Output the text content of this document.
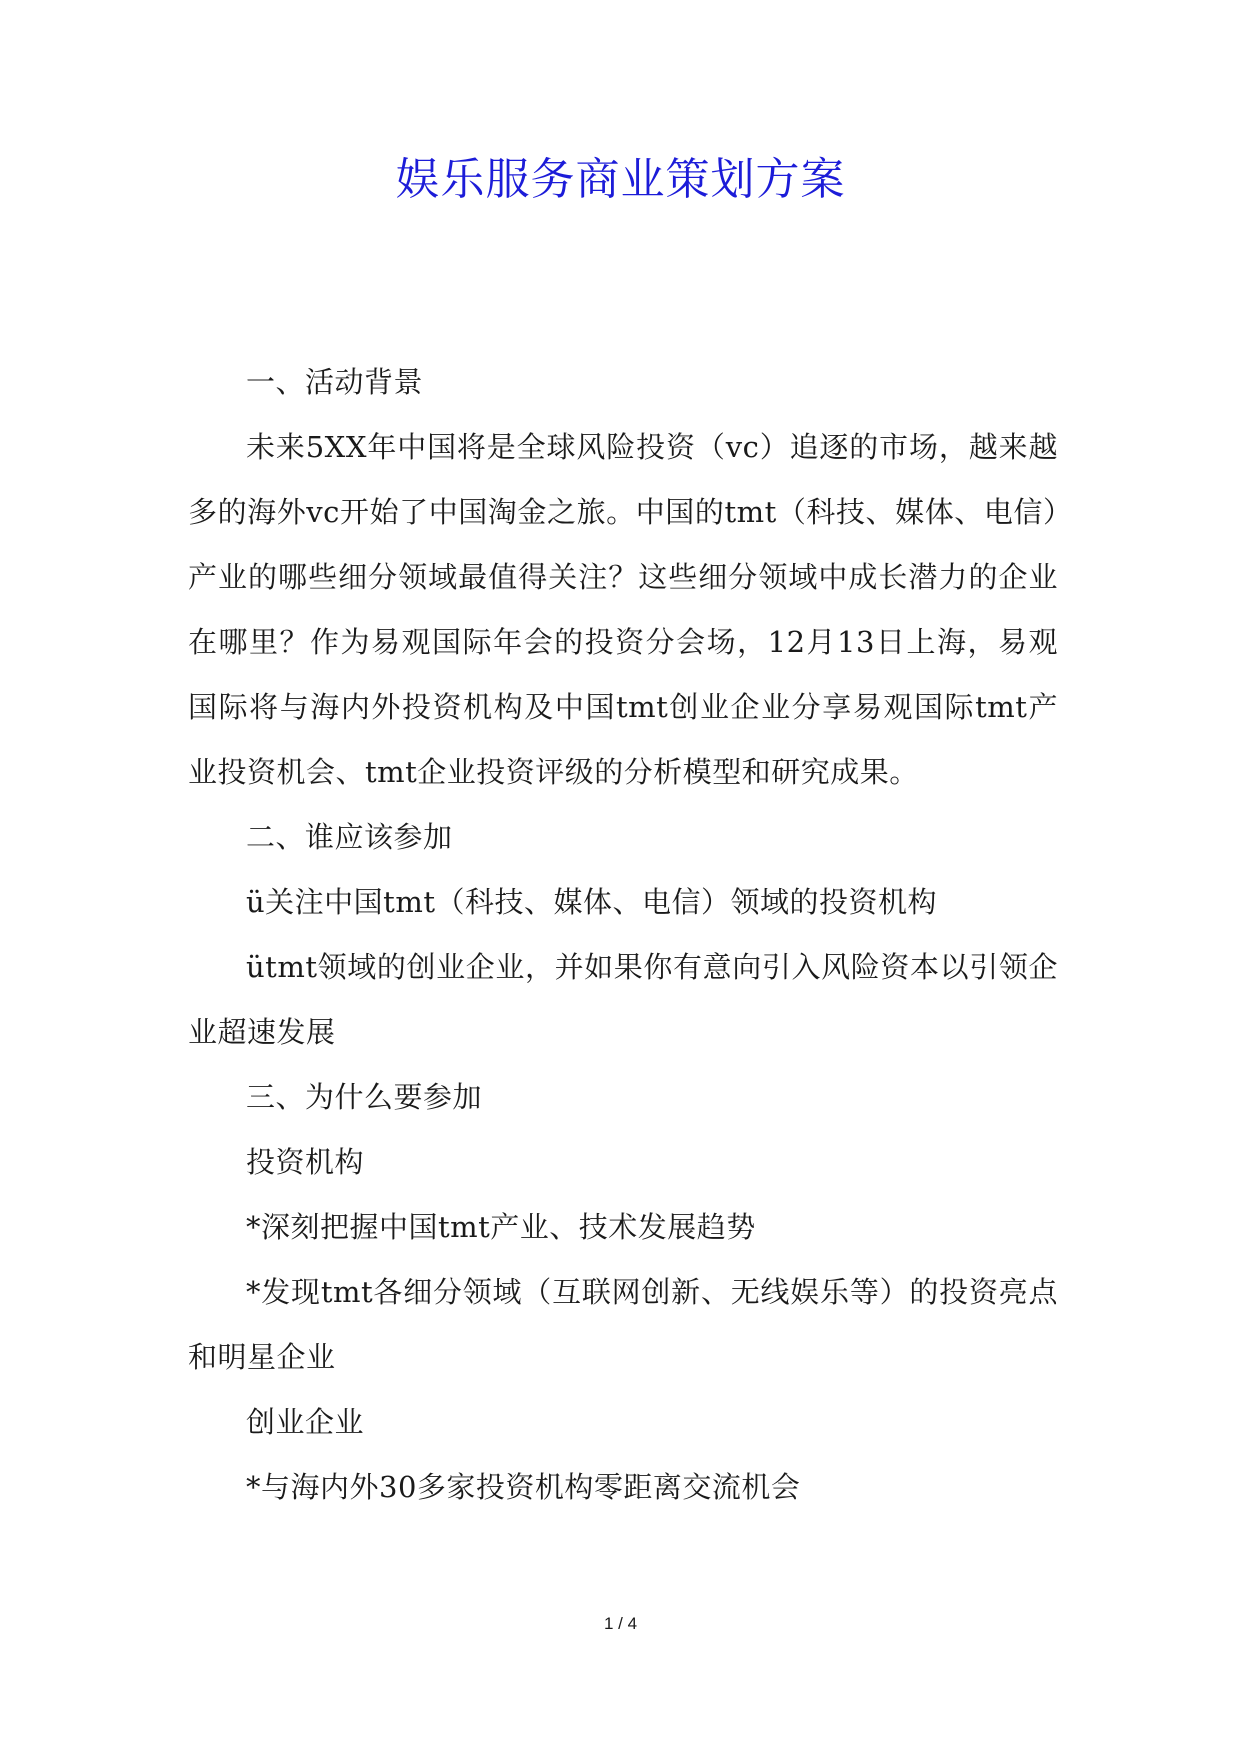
娱乐服务商业策划方案

一、活动背景

未来5XX年中国将是全球风险投资（vc）追逐的市场，越来越多的海外vc开始了中国淘金之旅。中国的tmt（科技、媒体、电信）产业的哪些细分领域最值得关注？这些细分领域中成长潜力的企业在哪里？作为易观国际年会的投资分会场，12月13日上海，易观国际将与海内外投资机构及中国tmt创业企业分享易观国际tmt产业投资机会、tmt企业投资评级的分析模型和研究成果。

二、谁应该参加

ü关注中国tmt（科技、媒体、电信）领域的投资机构

ütmt领域的创业企业，并如果你有意向引入风险资本以引领企业超速发展

三、为什么要参加

投资机构

*深刻把握中国tmt产业、技术发展趋势

*发现tmt各细分领域（互联网创新、无线娱乐等）的投资亮点和明星企业

创业企业

*与海内外30多家投资机构零距离交流机会

1 / 4
